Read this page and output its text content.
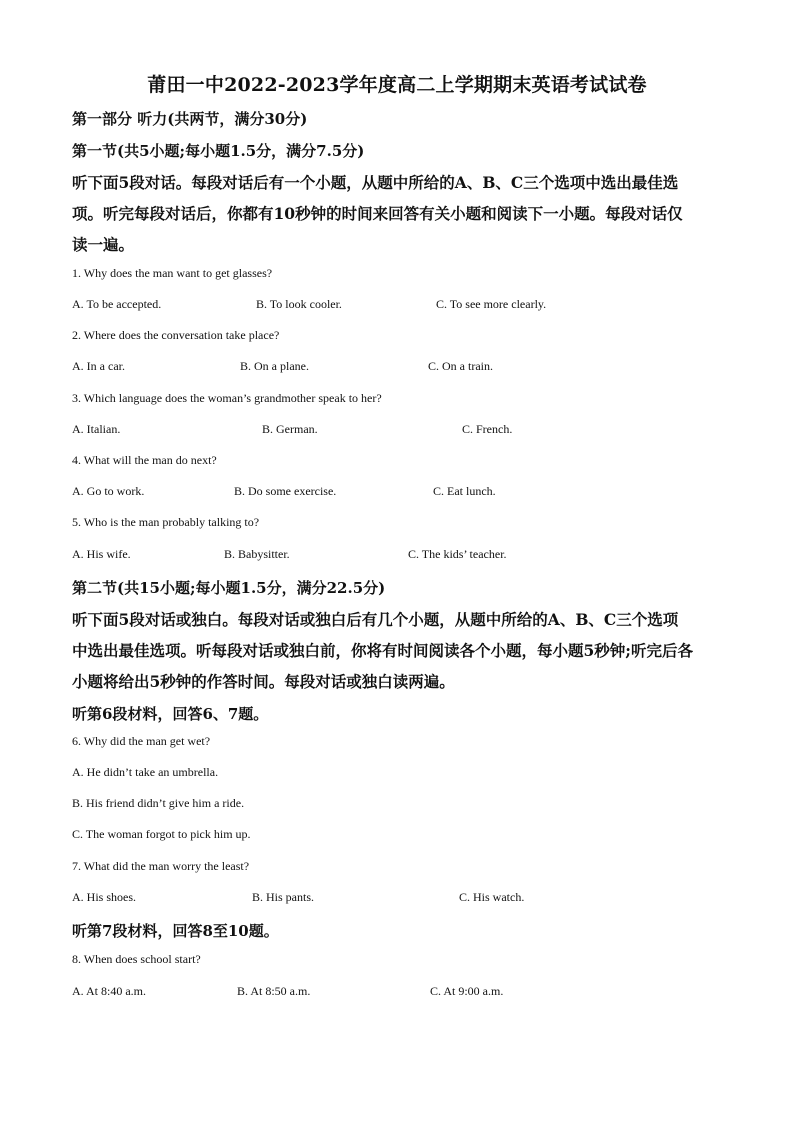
莆田一中2022-2023学年度高二上学期期末英语考试试卷
第一部分 听力(共两节，满分30分)
第一节(共5小题;每小题1.5分，满分7.5分)
听下面5段对话。每段对话后有一个小题，从题中所给的A、B、C三个选项中选出最佳选
项。听完每段对话后，你都有10秒钟的时间来回答有关小题和阅读下一小题。每段对话仅
读一遍。
1. Why does the man want to get glasses?
A. To be accepted.	B. To look cooler.	C. To see more clearly.
2. Where does the conversation take place?
A. In a car.	B. On a plane.	C. On a train.
3. Which language does the woman’s grandmother speak to her?
A. Italian.	B. German.	C. French.
4. What will the man do next?
A. Go to work.	B. Do some exercise.	C. Eat lunch.
5. Who is the man probably talking to?
A. His wife.	B. Babysitter.	C. The kids’ teacher.
第二节(共15小题;每小题1.5分，满分22.5分)
听下面5段对话或独白。每段对话或独白后有几个小题，从题中所给的A、B、C三个选项
中选出最佳选项。听每段对话或独白前，你将有时间阅读各个小题，每小题5秒钟;听完后各
小题将给出5秒钟的作答时间。每段对话或独白读两遍。
听第6段材料，回答6、7题。
6. Why did the man get wet?
A. He didn’t take an umbrella.
B. His friend didn’t give him a ride.
C. The woman forgot to pick him up.
7. What did the man worry the least?
A. His shoes.	B. His pants.	C. His watch.
听第7段材料，回答8至10题。
8. When does school start?
A. At 8:40 a.m.	B. At 8:50 a.m.	C. At 9:00 a.m.
